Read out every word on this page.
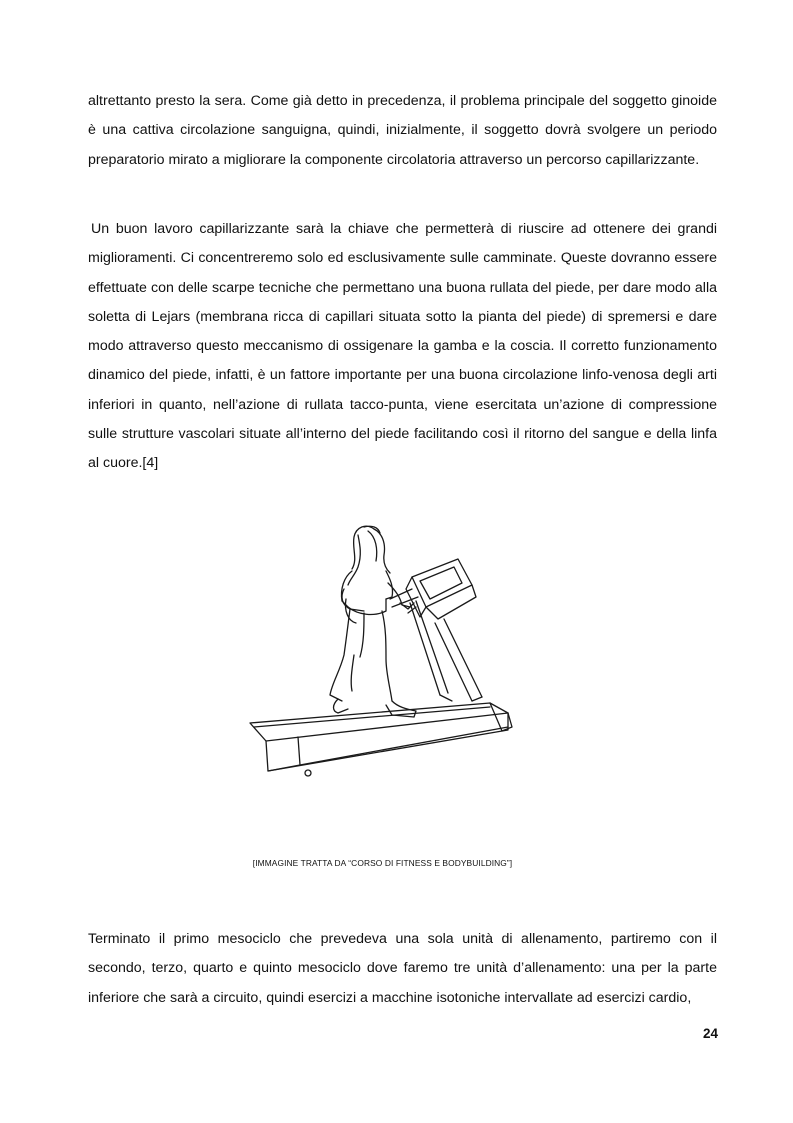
altrettanto presto la sera. Come già detto in precedenza, il problema principale del soggetto ginoide è una cattiva circolazione sanguigna, quindi, inizialmente, il soggetto dovrà svolgere un periodo preparatorio mirato a migliorare la componente circolatoria attraverso un percorso capillarizzante.

Un buon lavoro capillarizzante sarà la chiave che permetterà di riuscire ad ottenere dei grandi miglioramenti. Ci concentreremo solo ed esclusivamente sulle camminate. Queste dovranno essere effettuate con delle scarpe tecniche che permettano una buona rullata del piede, per dare modo alla soletta di Lejars (membrana ricca di capillari situata sotto la pianta del piede) di spremersi e dare modo attraverso questo meccanismo di ossigenare la gamba e la coscia. Il corretto funzionamento dinamico del piede, infatti, è un fattore importante per una buona circolazione linfo-venosa degli arti inferiori in quanto, nell’azione di rullata tacco-punta, viene esercitata un’azione di compressione sulle strutture vascolari situate all’interno del piede facilitando così il ritorno del sangue e della linfa al cuore.[4]

[IMMAGINE TRATTA DA “CORSO DI FITNESS E BODYBUILDING”]

Terminato il primo mesociclo che prevedeva una sola unità di allenamento, partiremo con il secondo, terzo, quarto e quinto mesociclo dove faremo tre unità d’allenamento: una per la parte inferiore che sarà a circuito, quindi esercizi a macchine isotoniche intervallate ad esercizi cardio,

24
